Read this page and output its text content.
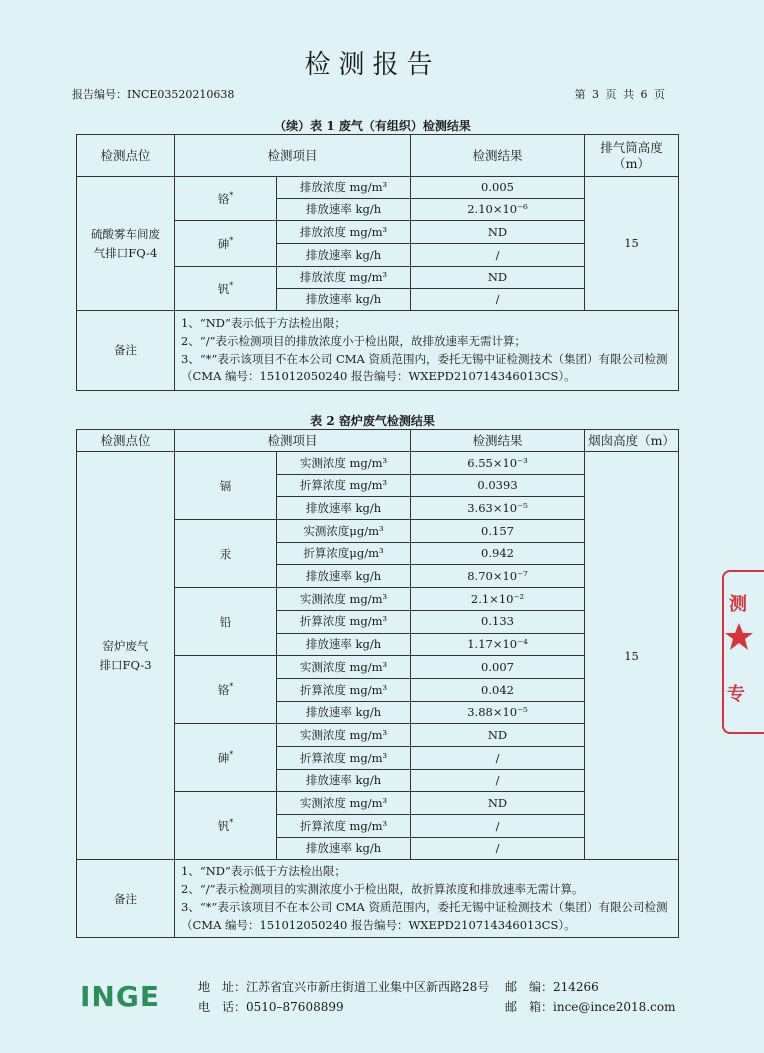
检测报告
报告编号：INCE03520210638	第 3 页 共 6 页
（续）表 1 废气（有组织）检测结果
检测点位	检测项目		检测结果	排气筒高度（m）

硫酸雾车间废气排口FQ-4	铬*	排放浓度 mg/m³	0.005	15
		排放速率 kg/h	2.10×10⁻⁶	
	砷*	排放浓度 mg/m³	ND	
		排放速率 kg/h	/	
	钒*	排放浓度 mg/m³	ND	
		排放速率 kg/h	/	
备注	1、“ND”表示低于方法检出限；
2、“/”表示检测项目的排放浓度小于检出限，故排放速率无需计算；
3、“*”表示该项目不在本公司 CMA 资质范围内，委托无锡中证检测技术（集团）有限公司检测（CMA 编号：151012050240 报告编号：WXEPD210714346013CS）。			
表 2 窑炉废气检测结果
检测点位	检测项目		检测结果	烟囱高度（m）

窑炉废气排口FQ-3	镉	实测浓度 mg/m³	6.55×10⁻³	15
		折算浓度 mg/m³	0.0393	
		排放速率 kg/h	3.63×10⁻⁵	
	汞	实测浓度μg/m³	0.157	
		折算浓度μg/m³	0.942	
		排放速率 kg/h	8.70×10⁻⁷	
	铅	实测浓度 mg/m³	2.1×10⁻²	
		折算浓度 mg/m³	0.133	
		排放速率 kg/h	1.17×10⁻⁴	
	铬*	实测浓度 mg/m³	0.007	
		折算浓度 mg/m³	0.042	
		排放速率 kg/h	3.88×10⁻⁵	
	砷*	实测浓度 mg/m³	ND	
		折算浓度 mg/m³	/	
		排放速率 kg/h	/	
	钒*	实测浓度 mg/m³	ND	
		折算浓度 mg/m³	/	
		排放速率 kg/h	/	
备注	1、“ND”表示低于方法检出限；
2、“/”表示检测项目的实测浓度小于检出限，故折算浓度和排放速率无需计算。
3、“*”表示该项目不在本公司 CMA 资质范围内，委托无锡中证检测技术（集团）有限公司检测（CMA 编号：151012050240 报告编号：WXEPD210714346013CS）。			
INGE	地　址：江苏省宜兴市新庄街道工业集中区新西路28号 邮　编：214266
电　话：0510–87608899	邮　箱：ince@ince2018.com
测
专
